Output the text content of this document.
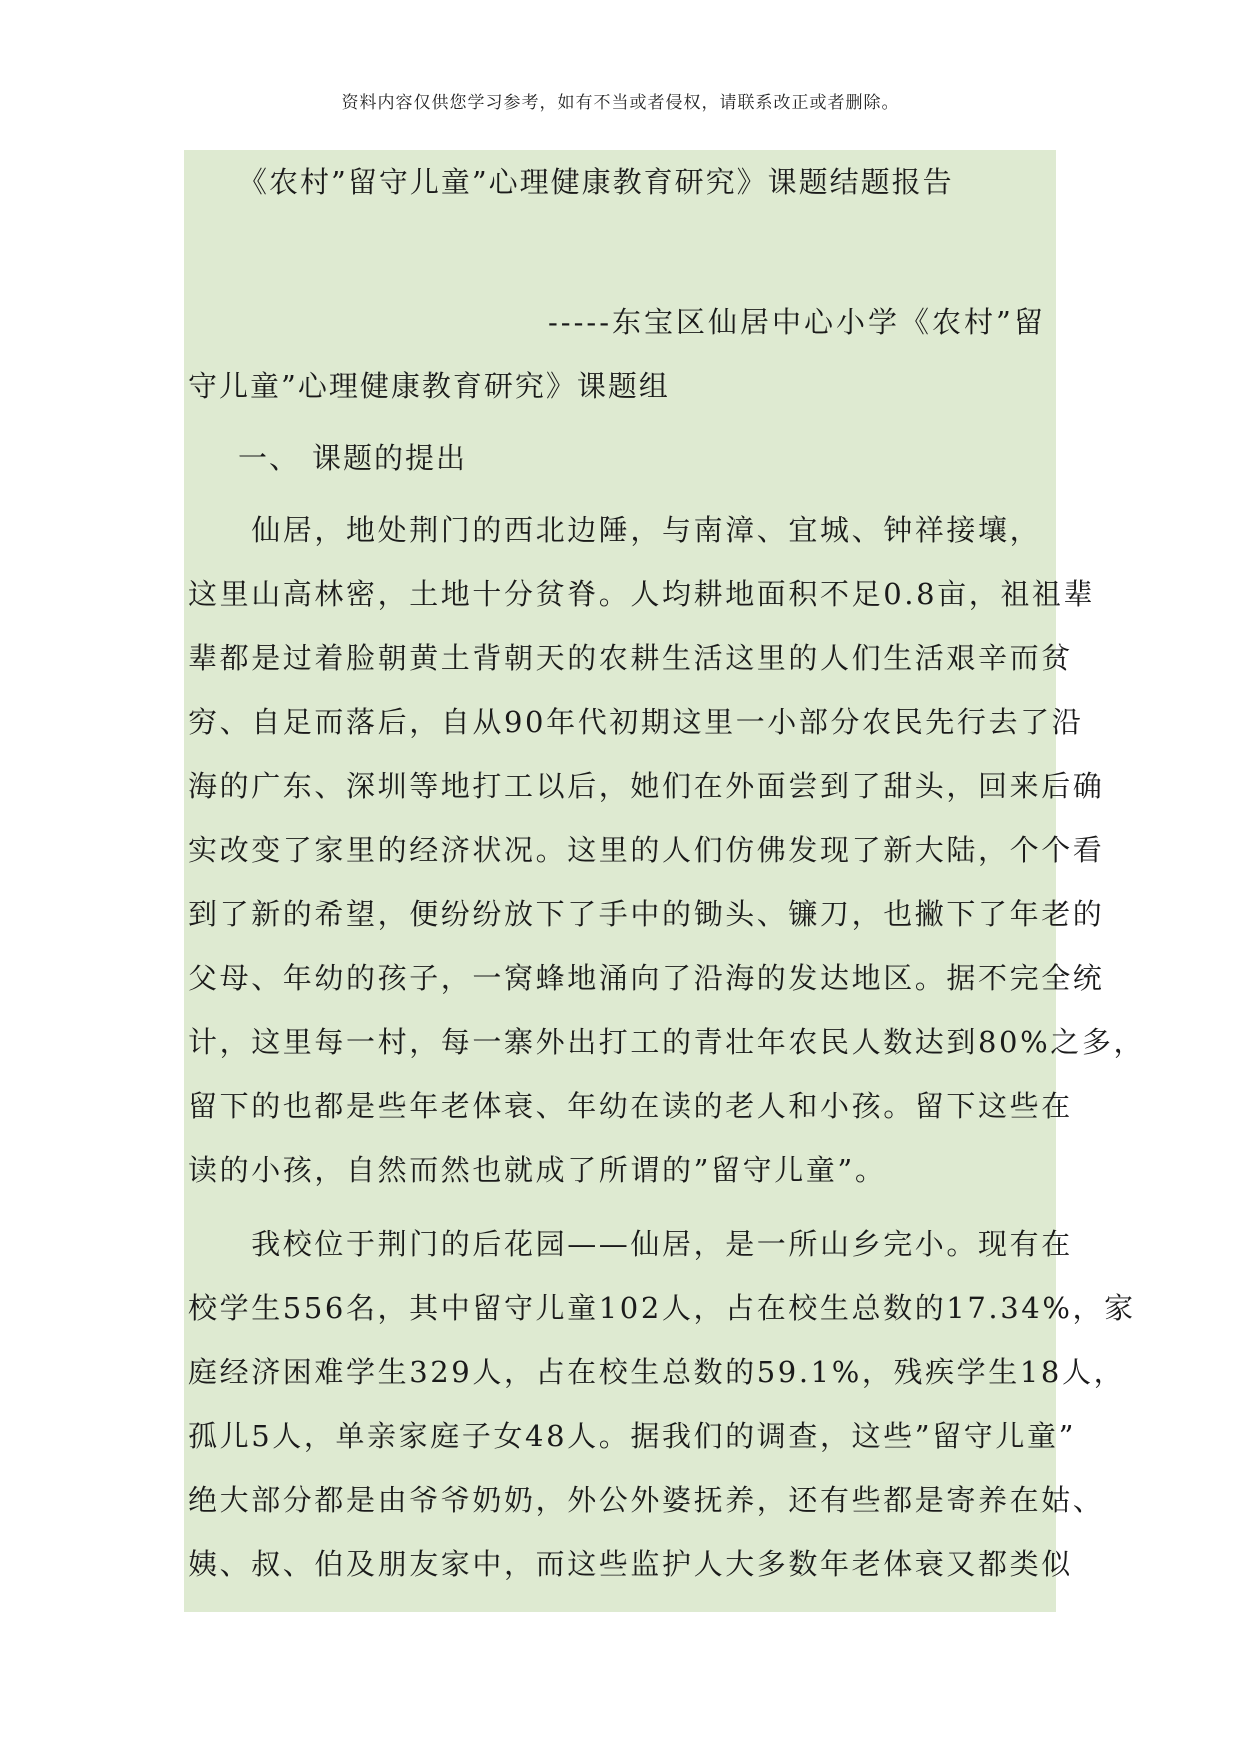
资料内容仅供您学习参考，如有不当或者侵权，请联系改正或者删除。
《农村”留守儿童”心理健康教育研究》课题结题报告
-----东宝区仙居中心小学《农村”留
守儿童”心理健康教育研究》课题组
一、 课题的提出
　　仙居，地处荆门的西北边陲，与南漳、宜城、钟祥接壤，
这里山高林密，土地十分贫脊。人均耕地面积不足0.8亩，祖祖辈
辈都是过着脸朝黄土背朝天的农耕生活这里的人们生活艰辛而贫
穷、自足而落后，自从90年代初期这里一小部分农民先行去了沿
海的广东、深圳等地打工以后，她们在外面尝到了甜头，回来后确
实改变了家里的经济状况。这里的人们仿佛发现了新大陆，个个看
到了新的希望，便纷纷放下了手中的锄头、镰刀，也撇下了年老的
父母、年幼的孩子，一窝蜂地涌向了沿海的发达地区。据不完全统
计，这里每一村，每一寨外出打工的青壮年农民人数达到80%之多，
留下的也都是些年老体衰、年幼在读的老人和小孩。留下这些在
读的小孩，自然而然也就成了所谓的”留守儿童”。
　　我校位于荆门的后花园——仙居，是一所山乡完小。现有在
校学生556名，其中留守儿童102人，占在校生总数的17.34%，家
庭经济困难学生329人，占在校生总数的59.1%，残疾学生18人，
孤儿5人，单亲家庭子女48人。据我们的调查，这些”留守儿童”
绝大部分都是由爷爷奶奶，外公外婆抚养，还有些都是寄养在姑、
姨、叔、伯及朋友家中，而这些监护人大多数年老体衰又都类似
